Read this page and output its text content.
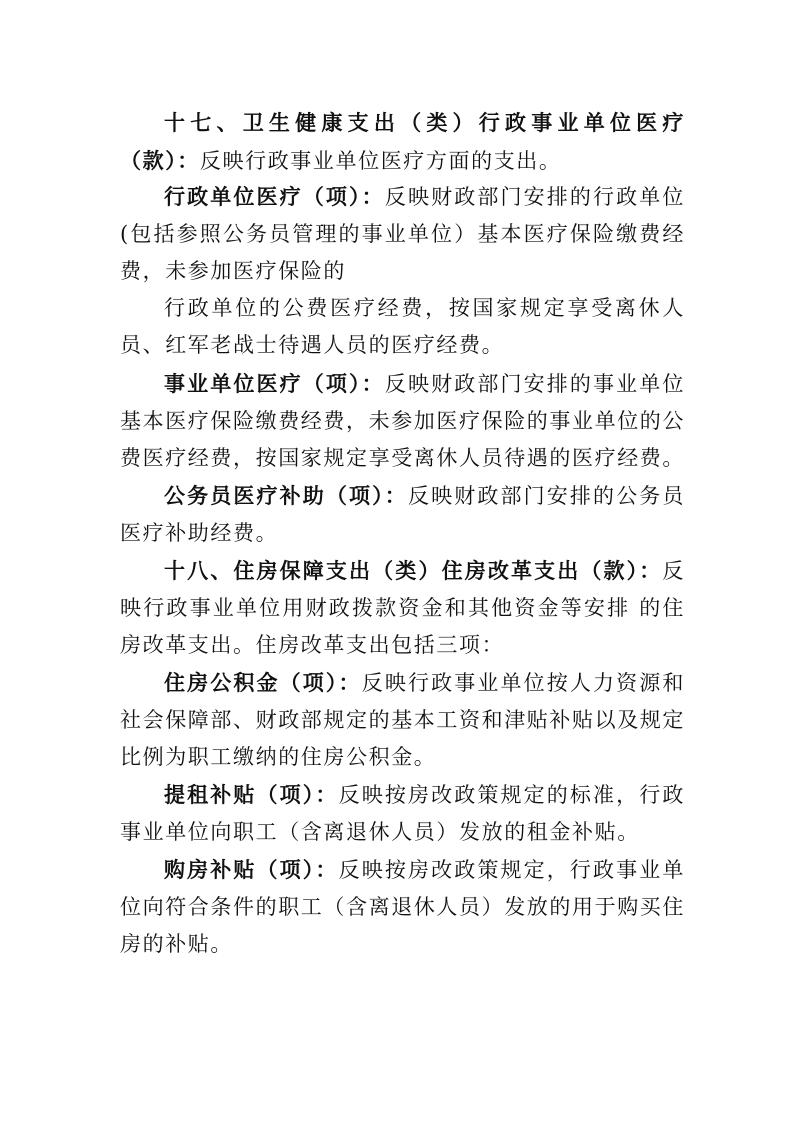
十七、卫生健康支出（类）行政事业单位医疗（款）：反映行政事业单位医疗方面的支出。

行政单位医疗（项）：反映财政部门安排的行政单位(包括参照公务员管理的事业单位）基本医疗保险缴费经费，未参加医疗保险的

行政单位的公费医疗经费，按国家规定享受离休人员、红军老战士待遇人员的医疗经费。

事业单位医疗（项）：反映财政部门安排的事业单位基本医疗保险缴费经费，未参加医疗保险的事业单位的公费医疗经费，按国家规定享受离休人员待遇的医疗经费。

公务员医疗补助（项）：反映财政部门安排的公务员医疗补助经费。

十八、住房保障支出（类）住房改革支出（款）：反映行政事业单位用财政拨款资金和其他资金等安排 的住房改革支出。住房改革支出包括三项：

住房公积金（项）：反映行政事业单位按人力资源和社会保障部、财政部规定的基本工资和津贴补贴以及规定比例为职工缴纳的住房公积金。

提租补贴（项）：反映按房改政策规定的标准，行政事业单位向职工（含离退休人员）发放的租金补贴。

购房补贴（项）：反映按房改政策规定，行政事业单位向符合条件的职工（含离退休人员）发放的用于购买住房的补贴。
